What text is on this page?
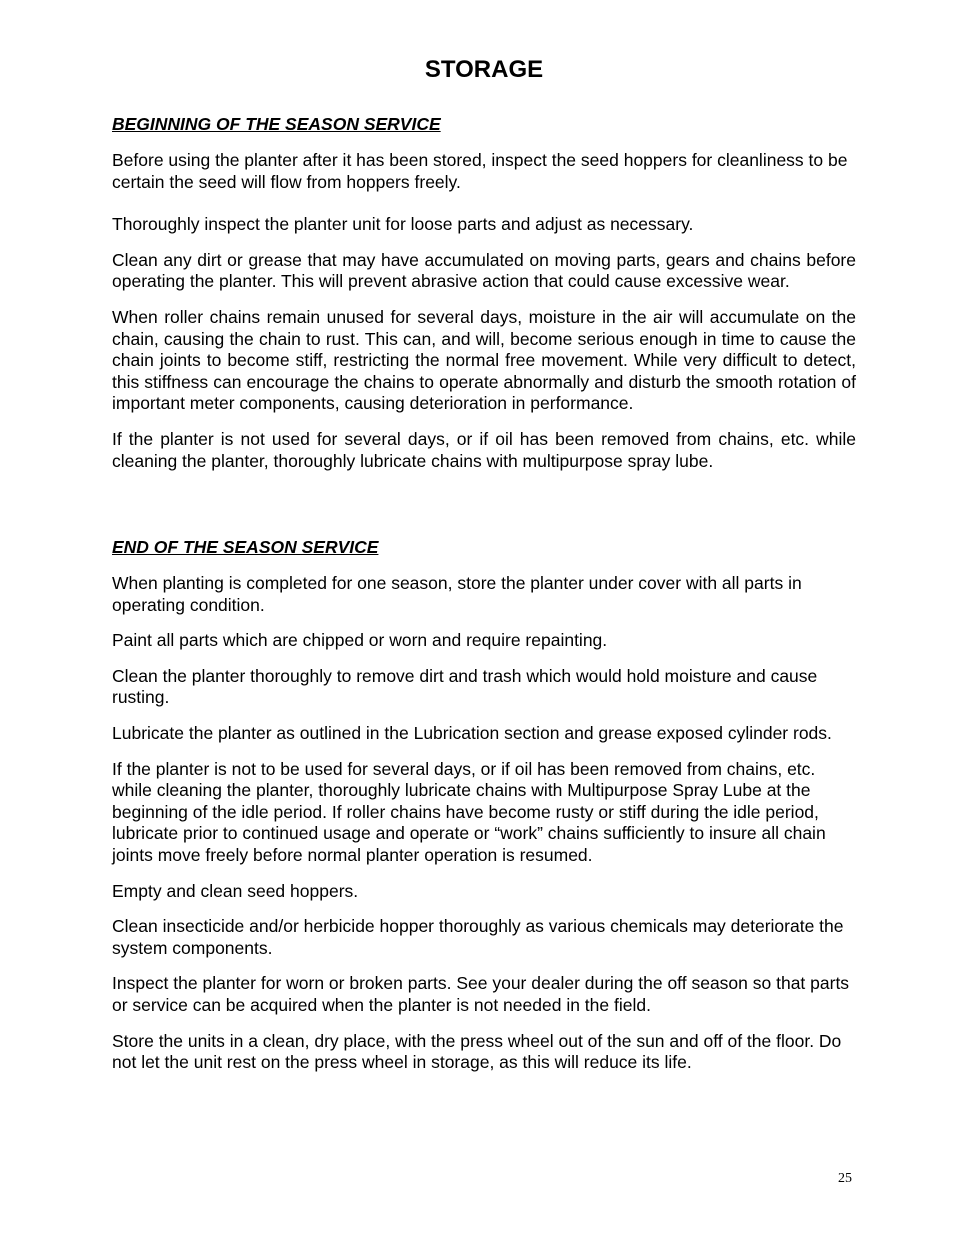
STORAGE
BEGINNING OF THE SEASON SERVICE

Before using the planter after it has been stored, inspect the seed hoppers for cleanliness to be certain the seed will flow from hoppers freely.

Thoroughly inspect the planter unit for loose parts and adjust as necessary.

Clean any dirt or grease that may have accumulated on moving parts, gears and chains before operating the planter. This will prevent abrasive action that could cause excessive wear.

When roller chains remain unused for several days, moisture in the air will accumulate on the chain, causing the chain to rust. This can, and will, become serious enough in time to cause the chain joints to become stiff, restricting the normal free movement. While very difficult to detect, this stiffness can encourage the chains to operate abnormally and disturb the smooth rotation of important meter components, causing deterioration in performance.

If the planter is not used for several days, or if oil has been removed from chains, etc. while cleaning the planter, thoroughly lubricate chains with multipurpose spray lube.

END OF THE SEASON SERVICE

When planting is completed for one season, store the planter under cover with all parts in operating condition.

Paint all parts which are chipped or worn and require repainting.

Clean the planter thoroughly to remove dirt and trash which would hold moisture and cause rusting.

Lubricate the planter as outlined in the Lubrication section and grease exposed cylinder rods.

If the planter is not to be used for several days, or if oil has been removed from chains, etc. while cleaning the planter, thoroughly lubricate chains with Multipurpose Spray Lube at the beginning of the idle period. If roller chains have become rusty or stiff during the idle period, lubricate prior to continued usage and operate or “work” chains sufficiently to insure all chain joints move freely before normal planter operation is resumed.

Empty and clean seed hoppers.

Clean insecticide and/or herbicide hopper thoroughly as various chemicals may deteriorate the system components.

Inspect the planter for worn or broken parts. See your dealer during the off season so that parts or service can be acquired when the planter is not needed in the field.

Store the units in a clean, dry place, with the press wheel out of the sun and off of the floor. Do not let the unit rest on the press wheel in storage, as this will reduce its life.

25
